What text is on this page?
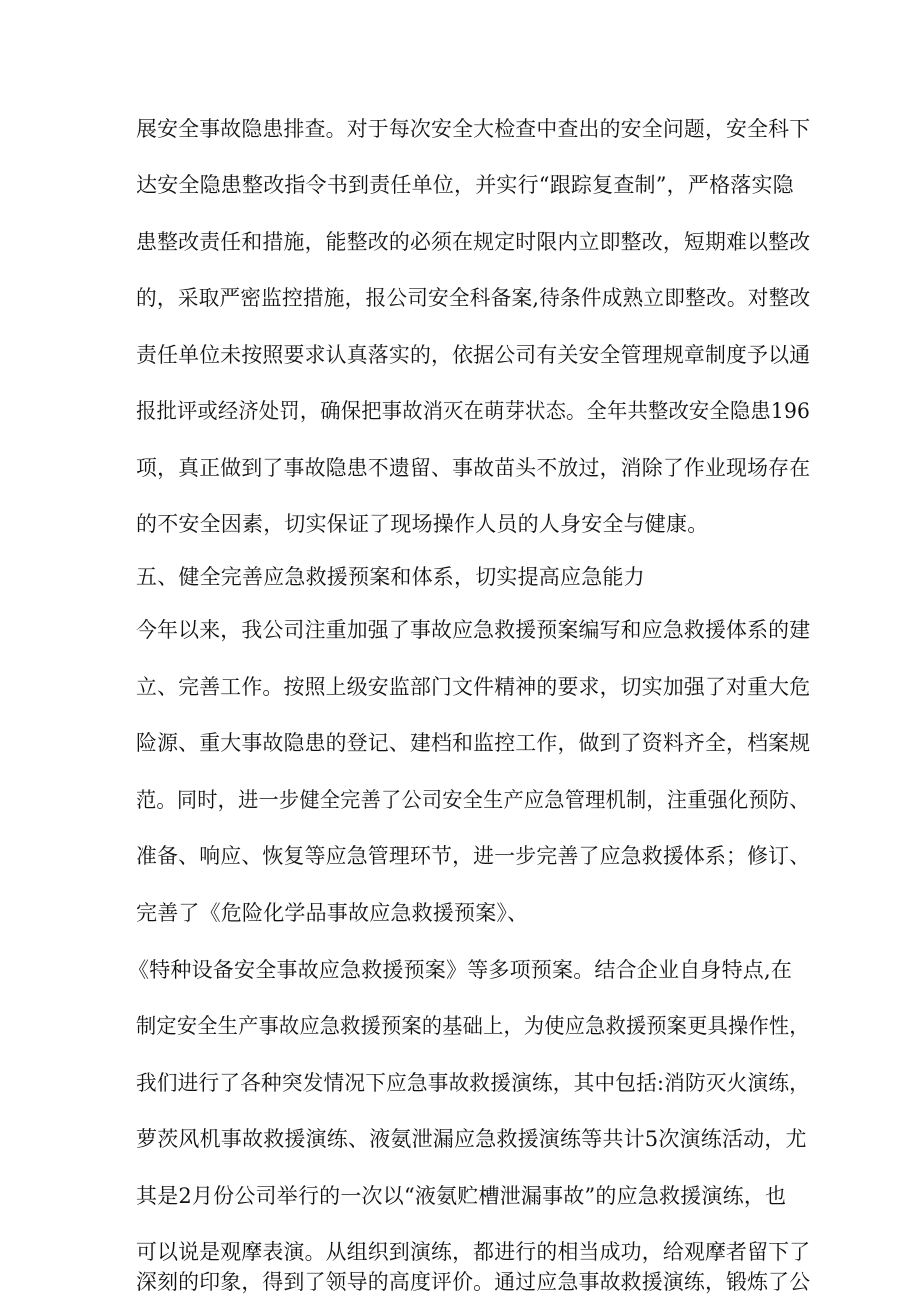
展安全事故隐患排查。对于每次安全大检查中查出的安全问题，安全科下
达安全隐患整改指令书到责任单位，并实行“跟踪复查制”，严格落实隐
患整改责任和措施，能整改的必须在规定时限内立即整改，短期难以整改
的，采取严密监控措施，报公司安全科备案,待条件成熟立即整改。对整改
责任单位未按照要求认真落实的，依据公司有关安全管理规章制度予以通
报批评或经济处罚，确保把事故消灭在萌芽状态。全年共整改安全隐患196
项，真正做到了事故隐患不遗留、事故苗头不放过，消除了作业现场存在
的不安全因素，切实保证了现场操作人员的人身安全与健康。
五、健全完善应急救援预案和体系，切实提高应急能力
今年以来，我公司注重加强了事故应急救援预案编写和应急救援体系的建
立、完善工作。按照上级安监部门文件精神的要求，切实加强了对重大危
险源、重大事故隐患的登记、建档和监控工作，做到了资料齐全，档案规
范。同时，进一步健全完善了公司安全生产应急管理机制，注重强化预防、
准备、响应、恢复等应急管理环节，进一步完善了应急救援体系；修订、
完善了《危险化学品事故应急救援预案》、
《特种设备安全事故应急救援预案》等多项预案。结合企业自身特点,在
制定安全生产事故应急救援预案的基础上，为使应急救援预案更具操作性，
我们进行了各种突发情况下应急事故救援演练，其中包括:消防灭火演练，
萝茨风机事故救援演练、液氨泄漏应急救援演练等共计5次演练活动，尤
其是2月份公司举行的一次以“液氨贮槽泄漏事故”的应急救援演练，也
可以说是观摩表演。从组织到演练，都进行的相当成功，给观摩者留下了
深刻的印象，得到了领导的高度评价。通过应急事故救援演练，锻炼了公
